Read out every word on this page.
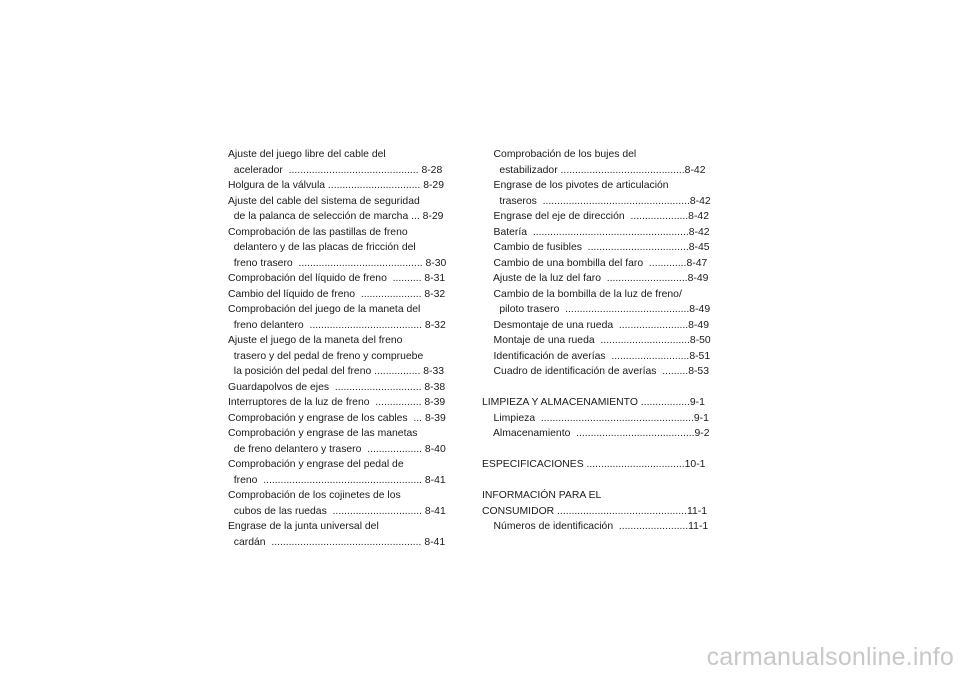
Ajuste del juego libre del cable del
acelerador  ............................................. 8-28
Holgura de la válvula ................................ 8-29
Ajuste del cable del sistema de seguridad
de la palanca de selección de marcha ... 8-29
Comprobación de las pastillas de freno
delantero y de las placas de fricción del
freno trasero  ........................................... 8-30
Comprobación del líquido de freno  .......... 8-31
Cambio del líquido de freno  ..................... 8-32
Comprobación del juego de la maneta del
freno delantero  ....................................... 8-32
Ajuste el juego de la maneta del freno
trasero y del pedal de freno y compruebe
la posición del pedal del freno ................ 8-33
Guardapolvos de ejes  .............................. 8-38
Interruptores de la luz de freno  ................ 8-39
Comprobación y engrase de los cables  ... 8-39
Comprobación y engrase de las manetas
de freno delantero y trasero  ................... 8-40
Comprobación y engrase del pedal de
freno  ....................................................... 8-41
Comprobación de los cojinetes de los
cubos de las ruedas  ............................... 8-41
Engrase de la junta universal del
cardán  .................................................... 8-41
Comprobación de los bujes del
estabilizador ...........................................8-42
Engrase de los pivotes de articulación
traseros  ...................................................8-42
Engrase del eje de dirección  ....................8-42
Batería  ......................................................8-42
Cambio de fusibles  ...................................8-45
Cambio de una bombilla del faro  .............8-47
Ajuste de la luz del faro  ............................8-49
Cambio de la bombilla de la luz de freno/
piloto trasero  ...........................................8-49
Desmontaje de una rueda  ........................8-49
Montaje de una rueda  ...............................8-50
Identificación de averías  ...........................8-51
Cuadro de identificación de averías  .........8-53
LIMPIEZA Y ALMACENAMIENTO .................9-1
Limpieza  .....................................................9-1
Almacenamiento  .........................................9-2
ESPECIFICACIONES ..................................10-1
INFORMACIÓN PARA EL
CONSUMIDOR .............................................11-1
Números de identificación  ........................11-1
carmanualsonline.info
